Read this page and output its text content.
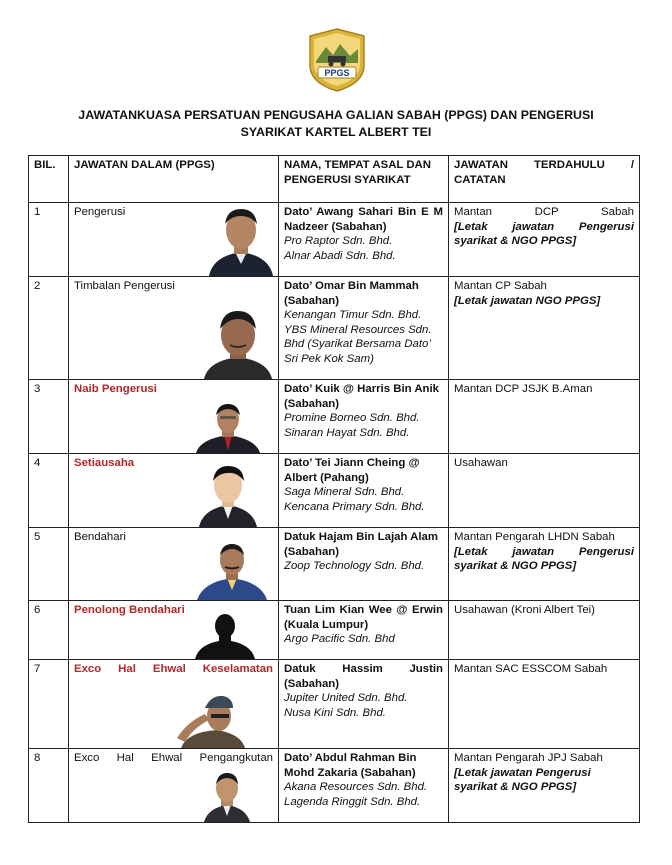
PPGS
JAWATANKUASA PERSATUAN PENGUSAHA GALIAN SABAH (PPGS) DAN PENGERUSI
SYARIKAT KARTEL ALBERT TEI
BIL.	JAWATAN DALAM (PPGS)	NAMA, TEMPAT ASAL DAN PENGERUSI SYARIKAT	JAWATAN TERDAHULU / CATATAN

1	Pengerusi	Dato’ Awang Sahari Bin E M Nadzeer (Sabahan)
Pro Raptor Sdn. Bhd.
Alnar Abadi Sdn. Bhd.	Mantan DCP Sabah
[Letak jawatan Pengerusi syarikat & NGO PPGS]

2	Timbalan Pengerusi	Dato’ Omar Bin Mammah (Sabahan)
Kenangan Timur Sdn. Bhd.
YBS Mineral Resources Sdn. Bhd (Syarikat Bersama Dato’ Sri Pek Kok Sam)	Mantan CP Sabah
[Letak jawatan NGO PPGS]

3	Naib Pengerusi	Dato’ Kuik @ Harris Bin Anik (Sabahan)
Promine Borneo Sdn. Bhd.
Sinaran Hayat Sdn. Bhd.	Mantan DCP JSJK B.Aman
4	Setiausaha	Dato’ Tei Jiann Cheing @ Albert (Pahang)
Saga Mineral Sdn. Bhd.
Kencana Primary Sdn. Bhd.	Usahawan
5	Bendahari	Datuk Hajam Bin Lajah Alam (Sabahan)
Zoop Technology Sdn. Bhd.	Mantan Pengarah LHDN Sabah
[Letak jawatan Pengerusi syarikat & NGO PPGS]

6	Penolong Bendahari	Tuan Lim Kian Wee @ Erwin (Kuala Lumpur)
Argo Pacific Sdn. Bhd	Usahawan (Kroni Albert Tei)
7	Exco Hal Ehwal Keselamatan	Datuk Hassim Justin (Sabahan)
Jupiter United Sdn. Bhd.
Nusa Kini Sdn. Bhd.	Mantan SAC ESSCOM Sabah
8	Exco Hal Ehwal Pengangkutan	Dato’ Abdul Rahman Bin Mohd Zakaria (Sabahan)
Akana Resources Sdn. Bhd.
Lagenda Ringgit Sdn. Bhd.	Mantan Pengarah JPJ Sabah
[Letak jawatan Pengerusi syarikat & NGO PPGS]
